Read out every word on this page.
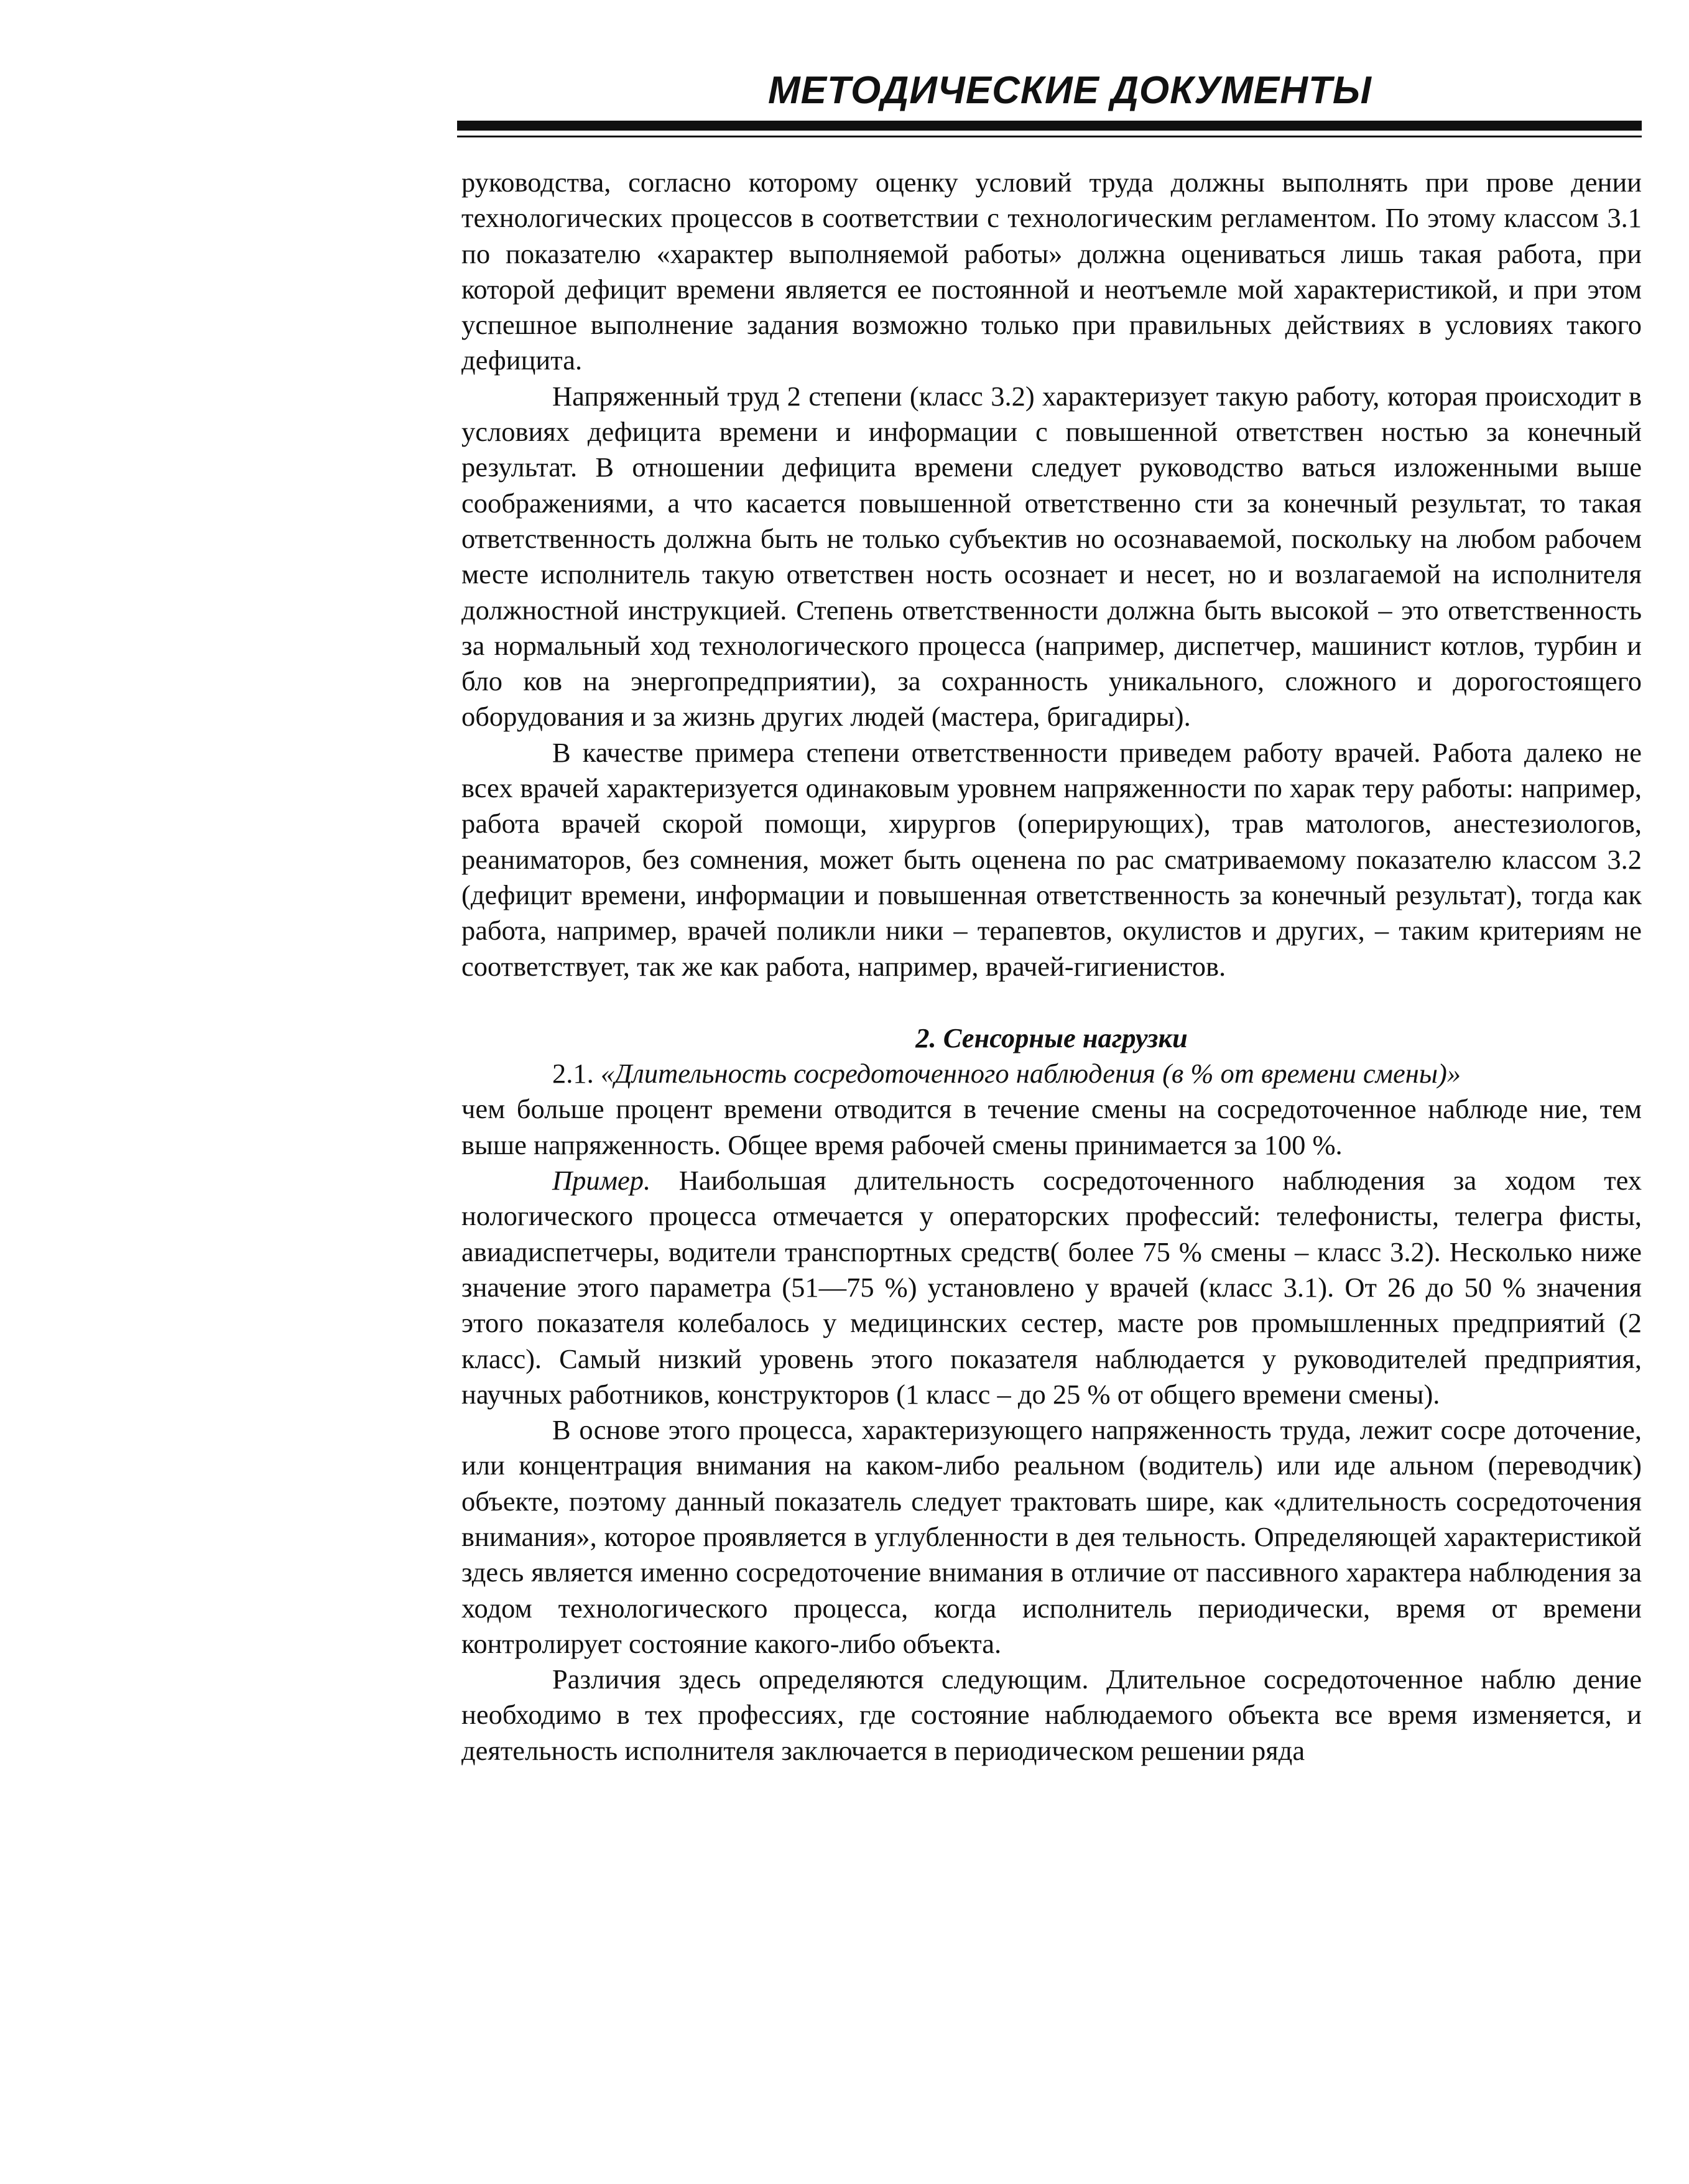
МЕТОДИЧЕСКИЕ ДОКУМЕНТЫ

руководства, согласно которому оценку условий труда должны выполнять при прове дении технологических процессов в соответствии с технологическим регламентом. По этому классом 3.1 по показателю «характер выполняемой работы» должна оцениваться лишь такая работа, при которой дефицит времени является ее постоянной и неотъемле мой характеристикой, и при этом успешное выполнение задания возможно только при правильных действиях в условиях такого дефицита.

Напряженный труд 2 степени (класс 3.2) характеризует такую работу, которая происходит в условиях дефицита времени и информации с повышенной ответствен ностью за конечный результат. В отношении дефицита времени следует руководство ваться изложенными выше соображениями, а что касается повышенной ответственно сти за конечный результат, то такая ответственность должна быть не только субъектив но осознаваемой, поскольку на любом рабочем месте исполнитель такую ответствен ность осознает и несет, но и возлагаемой на исполнителя должностной инструкцией. Степень ответственности должна быть высокой – это ответственность за нормальный ход технологического процесса (например, диспетчер, машинист котлов, турбин и бло ков на энергопредприятии), за сохранность уникального, сложного и дорогостоящего оборудования и за жизнь других людей (мастера, бригадиры).

В качестве примера степени ответственности приведем работу врачей. Работа далеко не всех врачей характеризуется одинаковым уровнем напряженности по харак теру работы: например, работа врачей скорой помощи, хирургов (оперирующих), трав матологов, анестезиологов, реаниматоров, без сомнения, может быть оценена по рас сматриваемому показателю классом 3.2 (дефицит времени, информации и повышенная ответственность за конечный результат), тогда как работа, например, врачей поликли ники – терапевтов, окулистов и других, – таким критериям не соответствует, так же как работа, например, врачей-гигиенистов.

2. Сенсорные нагрузки

2.1. «Длительность сосредоточенного наблюдения (в % от времени смены)»

чем больше процент времени отводится в течение смены на сосредоточенное наблюде ние, тем выше напряженность. Общее время рабочей смены принимается за 100 %.

Пример. Наибольшая длительность сосредоточенного наблюдения за ходом тех нологического процесса отмечается у операторских профессий: телефонисты, телегра фисты, авиадиспетчеры, водители транспортных средств( более 75 % смены – класс 3.2). Несколько ниже значение этого параметра (51—75 %) установлено у врачей (класс 3.1). От 26 до 50 % значения этого показателя колебалось у медицинских сестер, масте ров промышленных предприятий (2 класс). Самый низкий уровень этого показателя наблюдается у руководителей предприятия, научных работников, конструкторов (1 класс – до 25 % от общего времени смены).

В основе этого процесса, характеризующего напряженность труда, лежит сосре доточение, или концентрация внимания на каком-либо реальном (водитель) или иде альном (переводчик) объекте, поэтому данный показатель следует трактовать шире, как «длительность сосредоточения внимания», которое проявляется в углубленности в дея тельность. Определяющей характеристикой здесь является именно сосредоточение внимания в отличие от пассивного характера наблюдения за ходом технологического процесса, когда исполнитель периодически, время от времени контролирует состояние какого-либо объекта.

Различия здесь определяются следующим. Длительное сосредоточенное наблю дение необходимо в тех профессиях, где состояние наблюдаемого объекта все время изменяется, и деятельность исполнителя заключается в периодическом решении ряда
